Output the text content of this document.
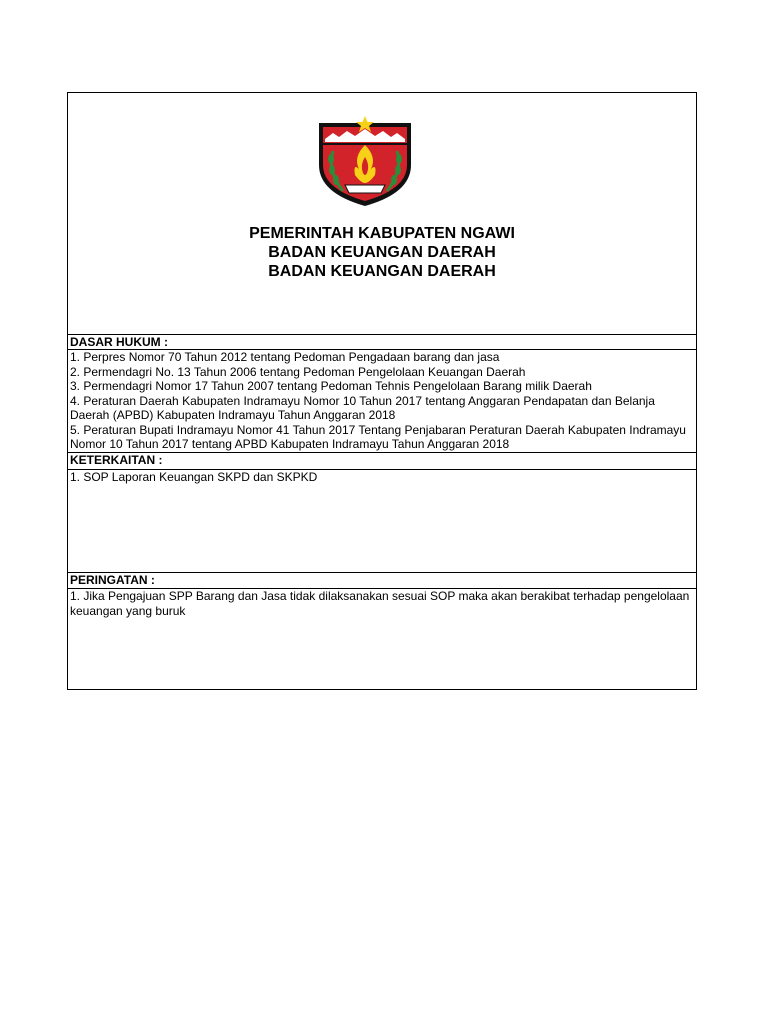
PEMERINTAH KABUPATEN NGAWI
BADAN KEUANGAN DAERAH
BADAN KEUANGAN DAERAH
DASAR HUKUM :
1. Perpres Nomor 70 Tahun 2012 tentang Pedoman Pengadaan barang dan jasa
2. Permendagri No. 13 Tahun 2006 tentang Pedoman Pengelolaan Keuangan Daerah
3. Permendagri Nomor 17 Tahun 2007 tentang Pedoman Tehnis Pengelolaan Barang milik Daerah
4. Peraturan Daerah Kabupaten Indramayu Nomor 10 Tahun 2017 tentang Anggaran Pendapatan dan Belanja Daerah (APBD) Kabupaten Indramayu Tahun Anggaran 2018
5. Peraturan Bupati Indramayu Nomor 41 Tahun 2017 Tentang Penjabaran Peraturan Daerah Kabupaten Indramayu Nomor 10 Tahun 2017 tentang APBD Kabupaten Indramayu Tahun Anggaran 2018
KETERKAITAN :
1. SOP Laporan Keuangan SKPD dan SKPKD
PERINGATAN :
1. Jika Pengajuan SPP Barang dan Jasa tidak dilaksanakan sesuai SOP maka akan berakibat terhadap pengelolaan keuangan yang buruk
